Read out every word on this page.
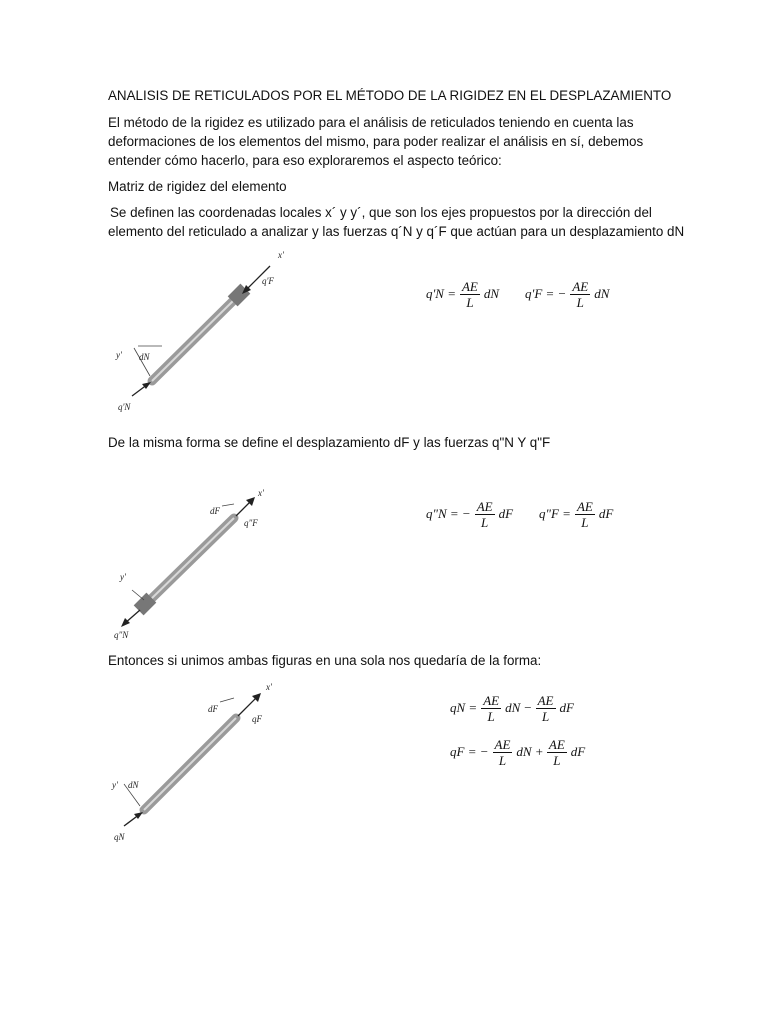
ANALISIS DE RETICULADOS POR EL MÉTODO DE LA RIGIDEZ EN EL DESPLAZAMIENTO
El método de la rigidez es utilizado para el análisis de reticulados teniendo en cuenta las
deformaciones de los elementos del mismo, para poder realizar el análisis en sí, debemos
entender cómo hacerlo, para eso exploraremos el aspecto teórico:
Matriz de rigidez del elemento
Se definen las coordenadas locales x´ y y´, que son los ejes propuestos por la dirección del
elemento del reticulado a analizar y las fuerzas q´N y q´F que actúan para un desplazamiento dN
x'
q'F
y' dN
q'N
$q'N = \frac{AE}{L}$ dN q'F = − $\frac{AE}{L}$ dN
De la misma forma se define el desplazamiento dF y las fuerzas q"N Y q"F
x'
q"F
dF
y'
q"N
q"N = − $\frac{AE}{L}$ dF q"F = $\frac{AE}{L}$ dF
Entonces si unimos ambas figuras en una sola nos quedaría de la forma:
x'
qF
dF
y' dN
qN
qN = $\frac{AE}{L}$ dN − $\frac{AE}{L}$ dF
qF = − $\frac{AE}{L}$ dN + $\frac{AE}{L}$ dF
